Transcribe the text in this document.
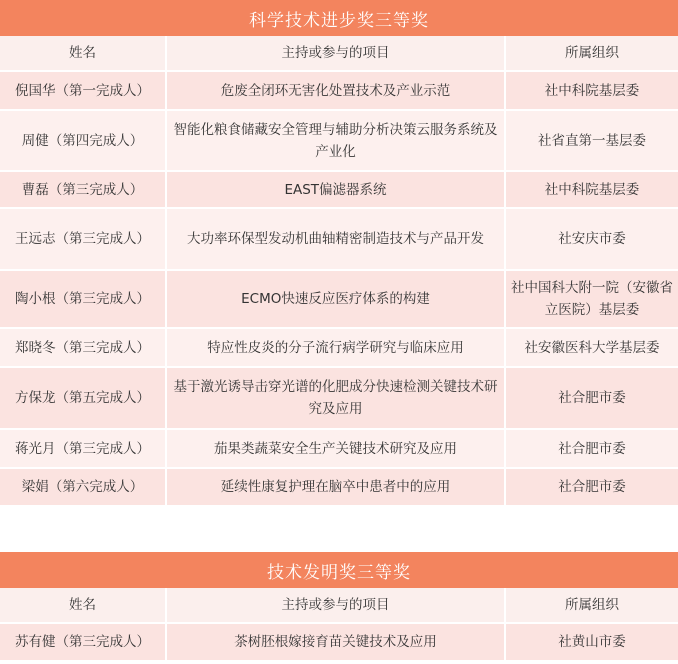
科学技术进步奖三等奖
姓名	主持或参与的项目	所属组织
倪国华（第一完成人）	危废全闭环无害化处置技术及产业示范	社中科院基层委
周健（第四完成人）	智能化粮食储藏安全管理与辅助分析决策云服务系统及产业化	社省直第一基层委
曹磊（第三完成人）	EAST偏滤器系统	社中科院基层委
王远志（第三完成人）	大功率环保型发动机曲轴精密制造技术与产品开发	社安庆市委
陶小根（第三完成人）	ECMO快速反应医疗体系的构建	社中国科大附一院（安徽省立医院）基层委
郑晓冬（第三完成人）	特应性皮炎的分子流行病学研究与临床应用	社安徽医科大学基层委
方保龙（第五完成人）	基于激光诱导击穿光谱的化肥成分快速检测关键技术研究及应用	社合肥市委
蒋光月（第三完成人）	茄果类蔬菜安全生产关键技术研究及应用	社合肥市委
梁娟（第六完成人）	延续性康复护理在脑卒中患者中的应用	社合肥市委
技术发明奖三等奖
姓名	主持或参与的项目	所属组织
苏有健（第三完成人）	茶树胚根嫁接育苗关键技术及应用	社黄山市委
